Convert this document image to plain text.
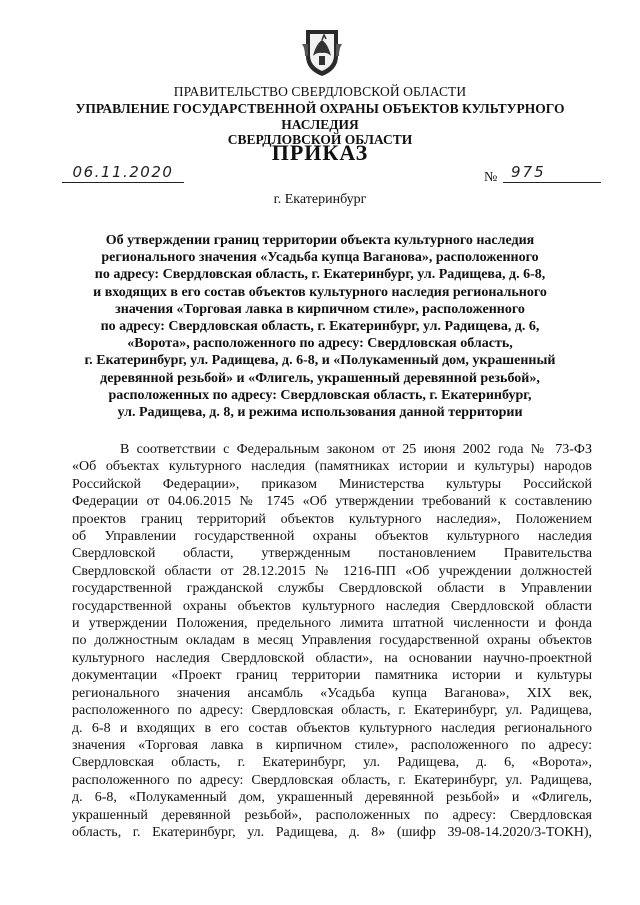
ПРАВИТЕЛЬСТВО СВЕРДЛОВСКОЙ ОБЛАСТИ
УПРАВЛЕНИЕ ГОСУДАРСТВЕННОЙ ОХРАНЫ ОБЪЕКТОВ КУЛЬТУРНОГО НАСЛЕДИЯ
СВЕРДЛОВСКОЙ ОБЛАСТИ
ПРИКАЗ
06.11.2020	№ 975
г. Екатеринбург
Об утверждении границ территории объекта культурного наследия
регионального значения «Усадьба купца Ваганова», расположенного
по адресу: Свердловская область, г. Екатеринбург, ул. Радищева, д. 6-8,
и входящих в его состав объектов культурного наследия регионального
значения «Торговая лавка в кирпичном стиле», расположенного
по адресу: Свердловская область, г. Екатеринбург, ул. Радищева, д. 6,
«Ворота», расположенного по адресу: Свердловская область,
г. Екатеринбург, ул. Радищева, д. 6-8, и «Полукаменный дом, украшенный
деревянной резьбой» и «Флигель, украшенный деревянной резьбой»,
расположенных по адресу: Свердловская область, г. Екатеринбург,
ул. Радищева, д. 8, и режима использования данной территории
В соответствии с Федеральным законом от 25 июня 2002 года № 73-ФЗ
«Об объектах культурного наследия (памятниках истории и культуры) народов
Российской Федерации», приказом Министерства культуры Российской
Федерации от 04.06.2015 № 1745 «Об утверждении требований к составлению
проектов границ территорий объектов культурного наследия», Положением
об Управлении государственной охраны объектов культурного наследия
Свердловской области, утвержденным постановлением Правительства
Свердловской области от 28.12.2015 № 1216-ПП «Об учреждении должностей
государственной гражданской службы Свердловской области в Управлении
государственной охраны объектов культурного наследия Свердловской области
и утверждении Положения, предельного лимита штатной численности и фонда
по должностным окладам в месяц Управления государственной охраны объектов
культурного наследия Свердловской области», на основании научно-проектной
документации «Проект границ территории памятника истории и культуры
регионального значения ансамбль «Усадьба купца Ваганова», XIX век,
расположенного по адресу: Свердловская область, г. Екатеринбург, ул. Радищева,
д. 6-8 и входящих в его состав объектов культурного наследия регионального
значения «Торговая лавка в кирпичном стиле», расположенного по адресу:
Свердловская область, г. Екатеринбург, ул. Радищева, д. 6, «Ворота»,
расположенного по адресу: Свердловская область, г. Екатеринбург, ул. Радищева,
д. 6-8, «Полукаменный дом, украшенный деревянной резьбой» и «Флигель,
украшенный деревянной резьбой», расположенных по адресу: Свердловская
область, г. Екатеринбург, ул. Радищева, д. 8» (шифр 39-08-14.2020/3-ТОКН),
